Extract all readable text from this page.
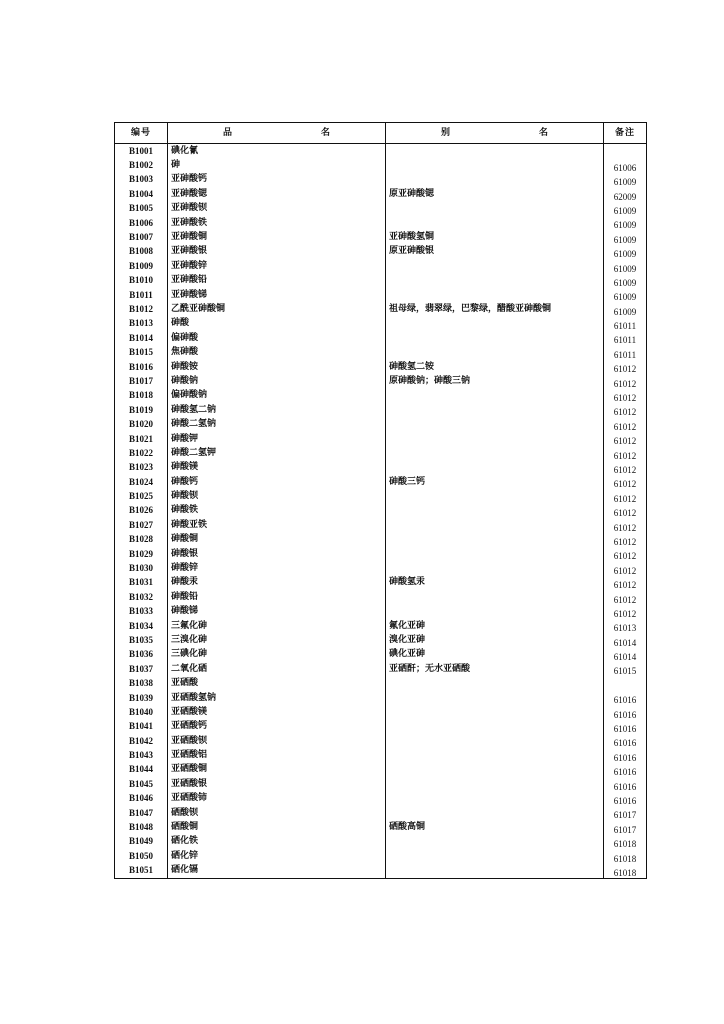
编号	品　名	别　名	备注
B1001	碘化氰		
B1002	砷		61006
B1003	亚砷酸钙		61009
B1004	亚砷酸锶	原亚砷酸锶	62009
B1005	亚砷酸钡		61009
B1006	亚砷酸铁		61009
B1007	亚砷酸铜	亚砷酸氢铜	61009
B1008	亚砷酸银	原亚砷酸银	61009
B1009	亚砷酸锌		61009
B1010	亚砷酸铅		61009
B1011	亚砷酸锑		61009
B1012	乙酰亚砷酸铜	祖母绿，翡翠绿，巴黎绿，醋酸亚砷酸铜	61009
B1013	砷酸		61011
B1014	偏砷酸		61011
B1015	焦砷酸		61011
B1016	砷酸铵	砷酸氢二铵	61012
B1017	砷酸钠	原砷酸钠；砷酸三钠	61012
B1018	偏砷酸钠		61012
B1019	砷酸氢二钠		61012
B1020	砷酸二氢钠		61012
B1021	砷酸钾		61012
B1022	砷酸二氢钾		61012
B1023	砷酸镁		61012
B1024	砷酸钙	砷酸三钙	61012
B1025	砷酸钡		61012
B1026	砷酸铁		61012
B1027	砷酸亚铁		61012
B1028	砷酸铜		61012
B1029	砷酸银		61012
B1030	砷酸锌		61012
B1031	砷酸汞	砷酸氢汞	61012
B1032	砷酸铅		61012
B1033	砷酸锑		61012
B1034	三氟化砷	氟化亚砷	61013
B1035	三溴化砷	溴化亚砷	61014
B1036	三碘化砷	碘化亚砷	61014
B1037	二氧化硒	亚硒酐；无水亚硒酸	61015
B1038	亚硒酸		
B1039	亚硒酸氢钠		61016
B1040	亚硒酸镁		61016
B1041	亚硒酸钙		61016
B1042	亚硒酸钡		61016
B1043	亚硒酸铝		61016
B1044	亚硒酸铜		61016
B1045	亚硒酸银		61016
B1046	亚硒酸铈		61016
B1047	硒酸钡		61017
B1048	硒酸铜	硒酸高铜	61017
B1049	硒化铁		61018
B1050	硒化锌		61018
B1051	硒化镉		61018
